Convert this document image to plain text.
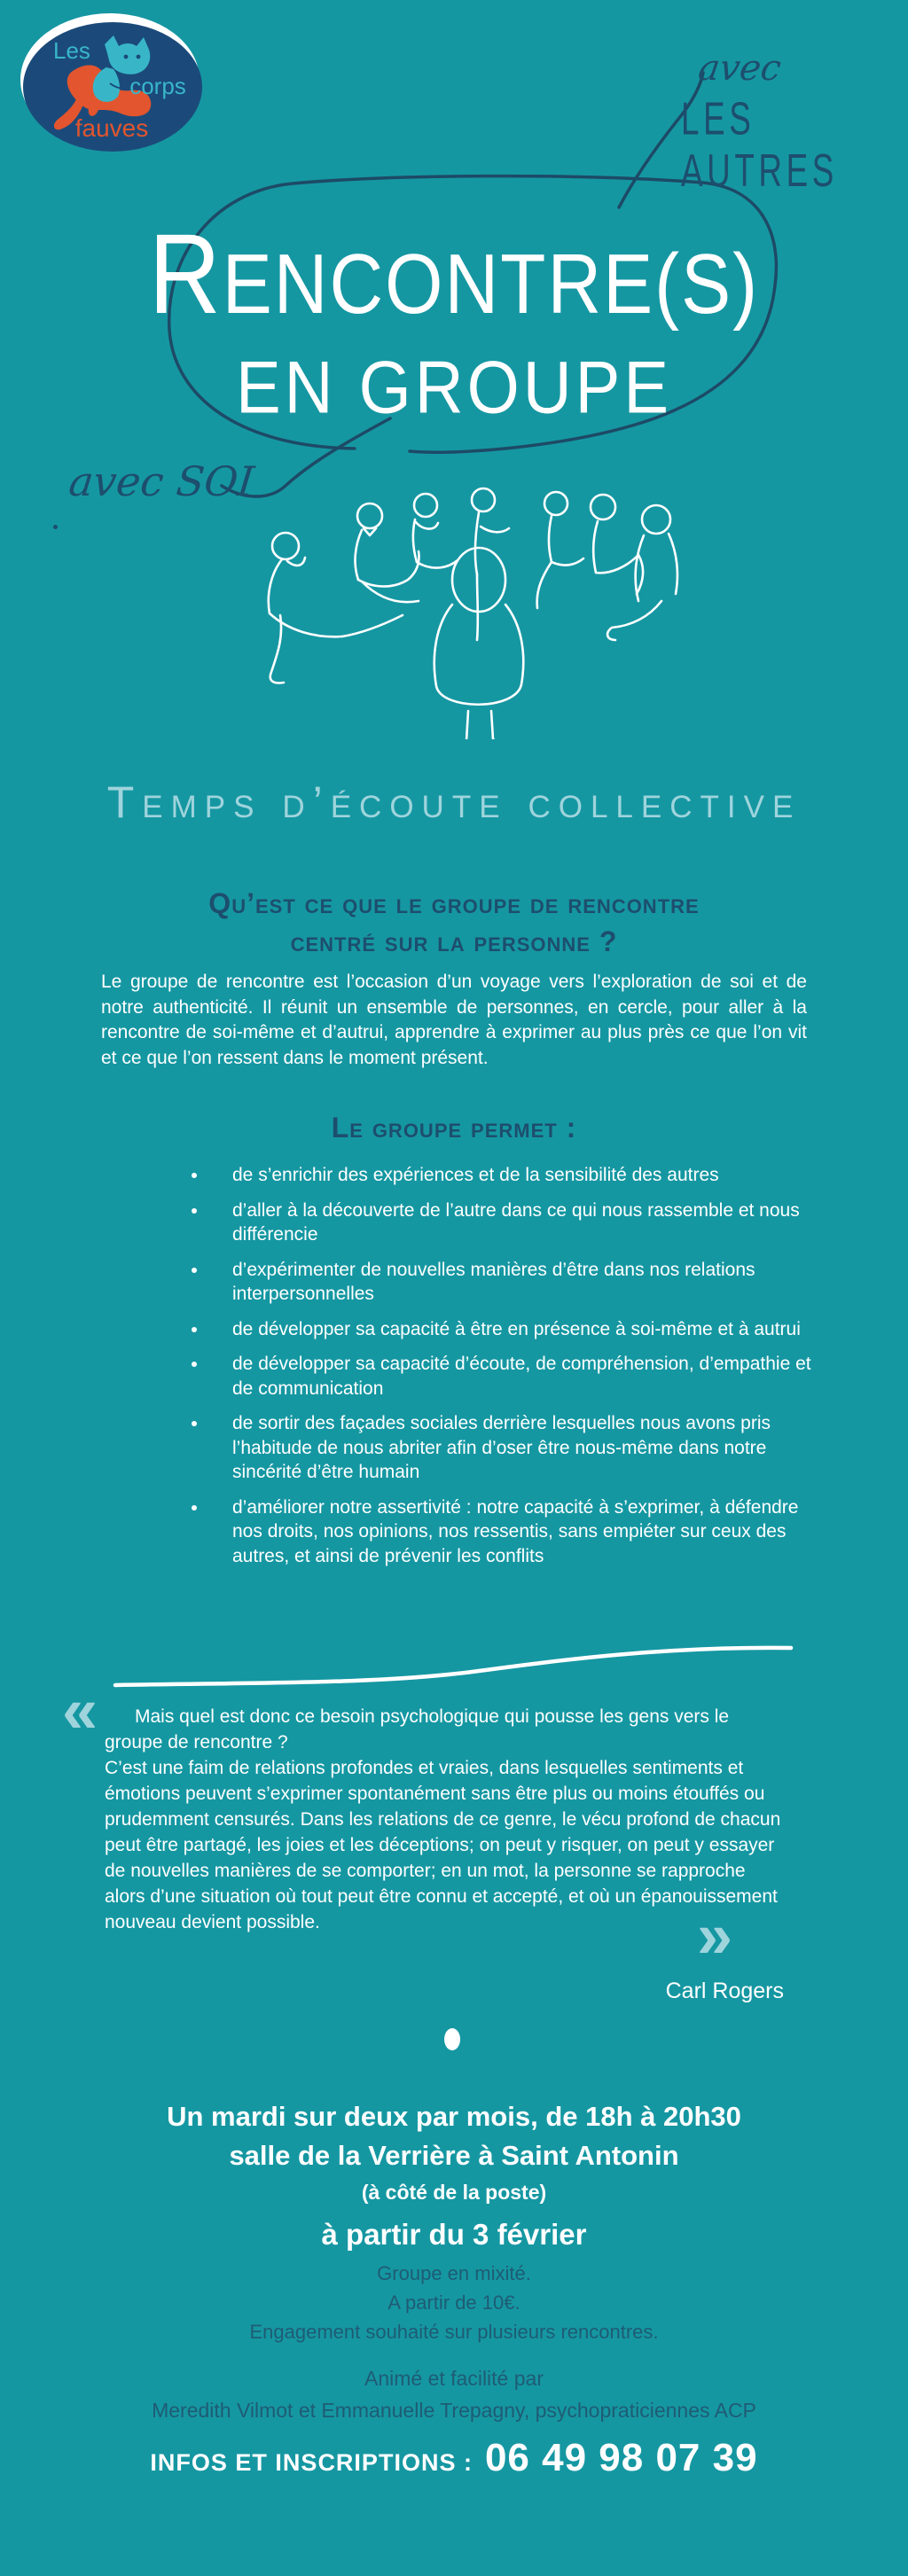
Les
corps
fauves
avec
LES AUTRES
avec SOI
RENCONTRE(S)
EN GROUPE
Temps d’écoute collective
Qu’est ce que le groupe de rencontre
centré sur la personne ?

Le groupe de rencontre est l’occasion d’un voyage vers l’exploration de soi et de notre authenticité. Il réunit un ensemble de personnes, en cercle, pour aller à la rencontre de soi-même et d’autrui, apprendre à exprimer au plus près ce que l’on vit et ce que l’on ressent dans le moment présent.

Le groupe permet :
de s’enrichir des expériences et de la sensibilité des autres
d’aller à la découverte de l’autre dans ce qui nous rassemble et nous différencie
d’expérimenter de nouvelles manières d’être dans nos relations interpersonnelles
de développer sa capacité à être en présence à soi-même et à autrui
de développer sa capacité d’écoute, de compréhension, d’empathie et de communication
de sortir des façades sociales derrière lesquelles nous avons pris l’habitude de nous abriter afin d’oser être nous-même dans notre sincérité d’être humain
d’améliorer notre assertivité : notre capacité à s’exprimer, à défendre nos droits, nos opinions, nos ressentis, sans empiéter sur ceux des autres, et ainsi de prévenir les conflits
«	Mais quel est donc ce besoin psychologique qui pousse les gens vers le groupe de rencontre ?
C’est une faim de relations profondes et vraies, dans lesquelles sentiments et émotions peuvent s’exprimer spontanément sans être plus ou moins étouffés ou prudemment censurés. Dans les relations de ce genre, le vécu profond de chacun peut être partagé, les joies et les déceptions; on peut y risquer, on peut y essayer de nouvelles manières de se comporter; en un mot, la personne se rapproche alors d’une situation où tout peut être connu et accepté, et où un épanouissement nouveau devient possible.	»
Carl Rogers
Un mardi sur deux par mois, de 18h à 20h30
salle de la Verrière à Saint Antonin
(à côté de la poste)
à partir du 3 février
Groupe en mixité.
A partir de 10€.
Engagement souhaité sur plusieurs rencontres.
Animé et facilité par
Meredith Vilmot et Emmanuelle Trepagny, psychopraticiennes ACP
INFOS ET INSCRIPTIONS : 06 49 98 07 39
